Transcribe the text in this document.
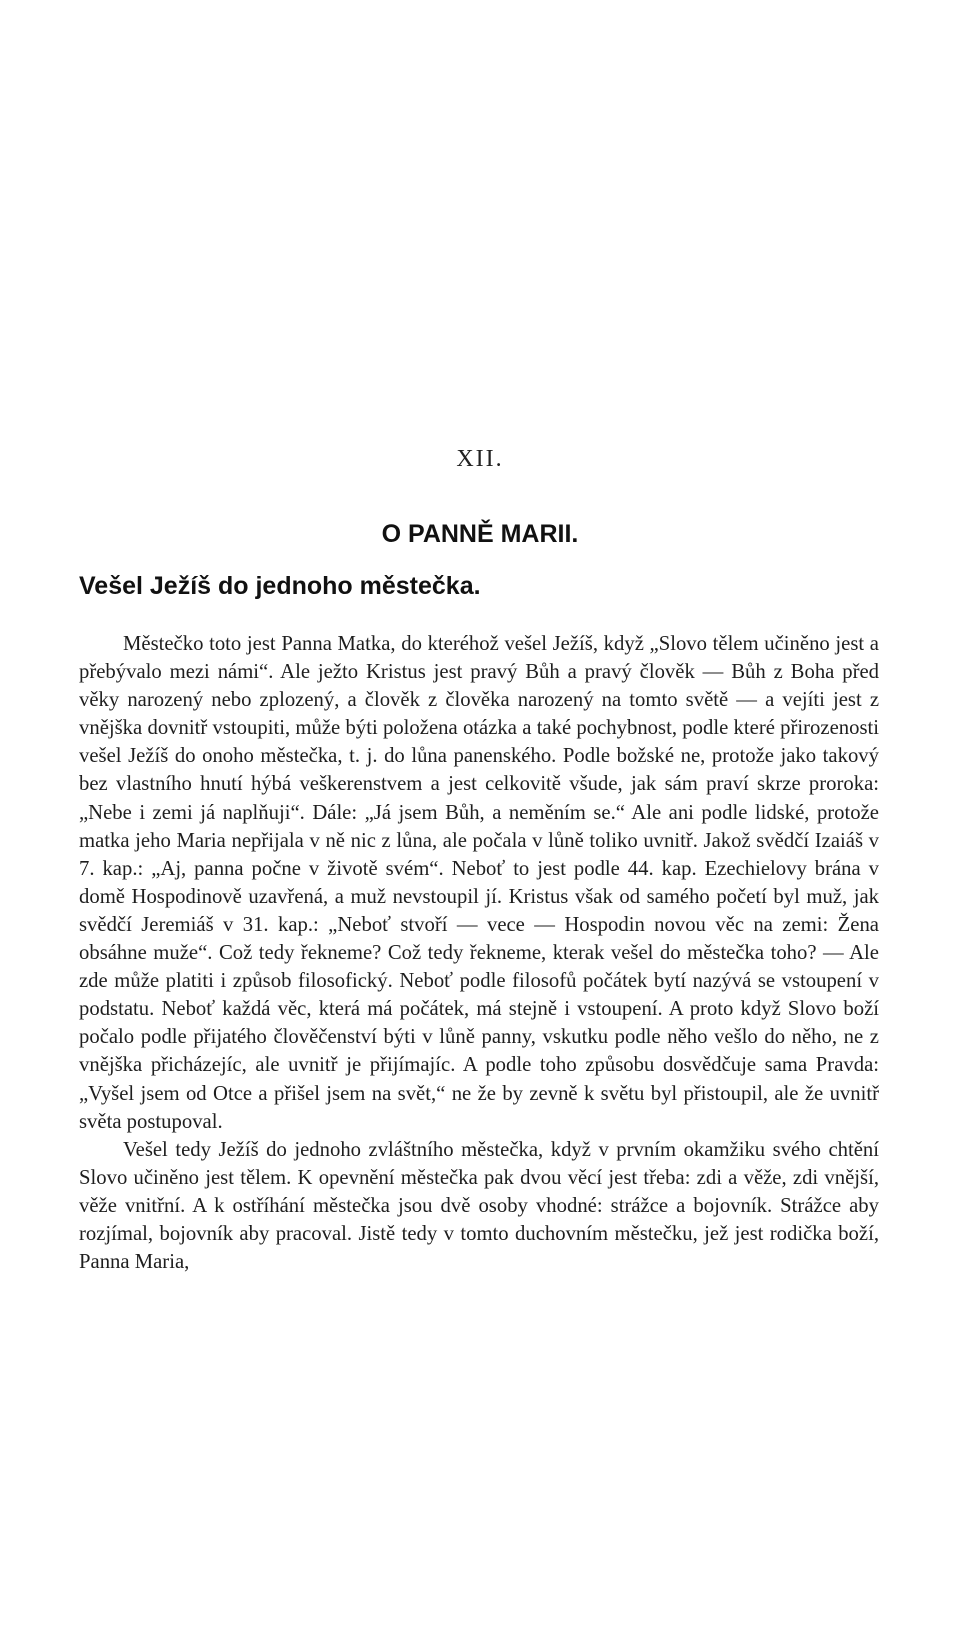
XII.
O PANNĚ MARII.
Vešel Ježíš do jednoho městečka.

Městečko toto jest Panna Matka, do kteréhož vešel Ježíš, když „Slovo tělem učiněno jest a přebývalo mezi námi“. Ale ježto Kristus jest pravý Bůh a pravý člověk — Bůh z Boha před věky narozený nebo zplozený, a člověk z člověka narozený na tomto světě — a vejíti jest z vnějška dovnitř vstoupiti, může býti položena otázka a také pochybnost, podle které přirozenosti vešel Ježíš do onoho městečka, t. j. do lůna panenského. Podle božské ne, protože jako takový bez vlastního hnutí hýbá veškerenstvem a jest celkovitě všude, jak sám praví skrze proroka: „Nebe i zemi já naplňuji“. Dále: „Já jsem Bůh, a neměním se.“ Ale ani podle lidské, protože matka jeho Maria nepřijala v ně nic z lůna, ale počala v lůně toliko uvnitř. Jakož svědčí Izaiáš v 7. kap.: „Aj, panna počne v životě svém“. Neboť to jest podle 44. kap. Ezechielovy brána v domě Hospodinově uzavřená, a muž nevstoupil jí. Kristus však od samého početí byl muž, jak svědčí Jeremiáš v 31. kap.: „Neboť stvoří — vece — Hospodin novou věc na zemi: Žena obsáhne muže“. Což tedy řekneme? Což tedy řekneme, kterak vešel do městečka toho? — Ale zde může platiti i způsob filosofický. Neboť podle filosofů počátek bytí nazývá se vstoupení v podstatu. Neboť každá věc, která má počátek, má stejně i vstoupení. A proto když Slovo boží počalo podle přijatého člověčenství býti v lůně panny, vskutku podle něho vešlo do něho, ne z vnějška přicházejíc, ale uvnitř je přijímajíc. A podle toho způsobu dosvědčuje sama Pravda: „Vyšel jsem od Otce a přišel jsem na svět,“ ne že by zevně k světu byl přistoupil, ale že uvnitř světa postupoval.

Vešel tedy Ježíš do jednoho zvláštního městečka, když v prvním okamžiku svého chtění Slovo učiněno jest tělem. K opevnění městečka pak dvou věcí jest třeba: zdi a věže, zdi vnější, věže vnitřní. A k ostříhání městečka jsou dvě osoby vhodné: strážce a bojovník. Strážce aby rozjímal, bojovník aby pracoval. Jistě tedy v tomto duchovním městečku, jež jest rodička boží, Panna Maria,
